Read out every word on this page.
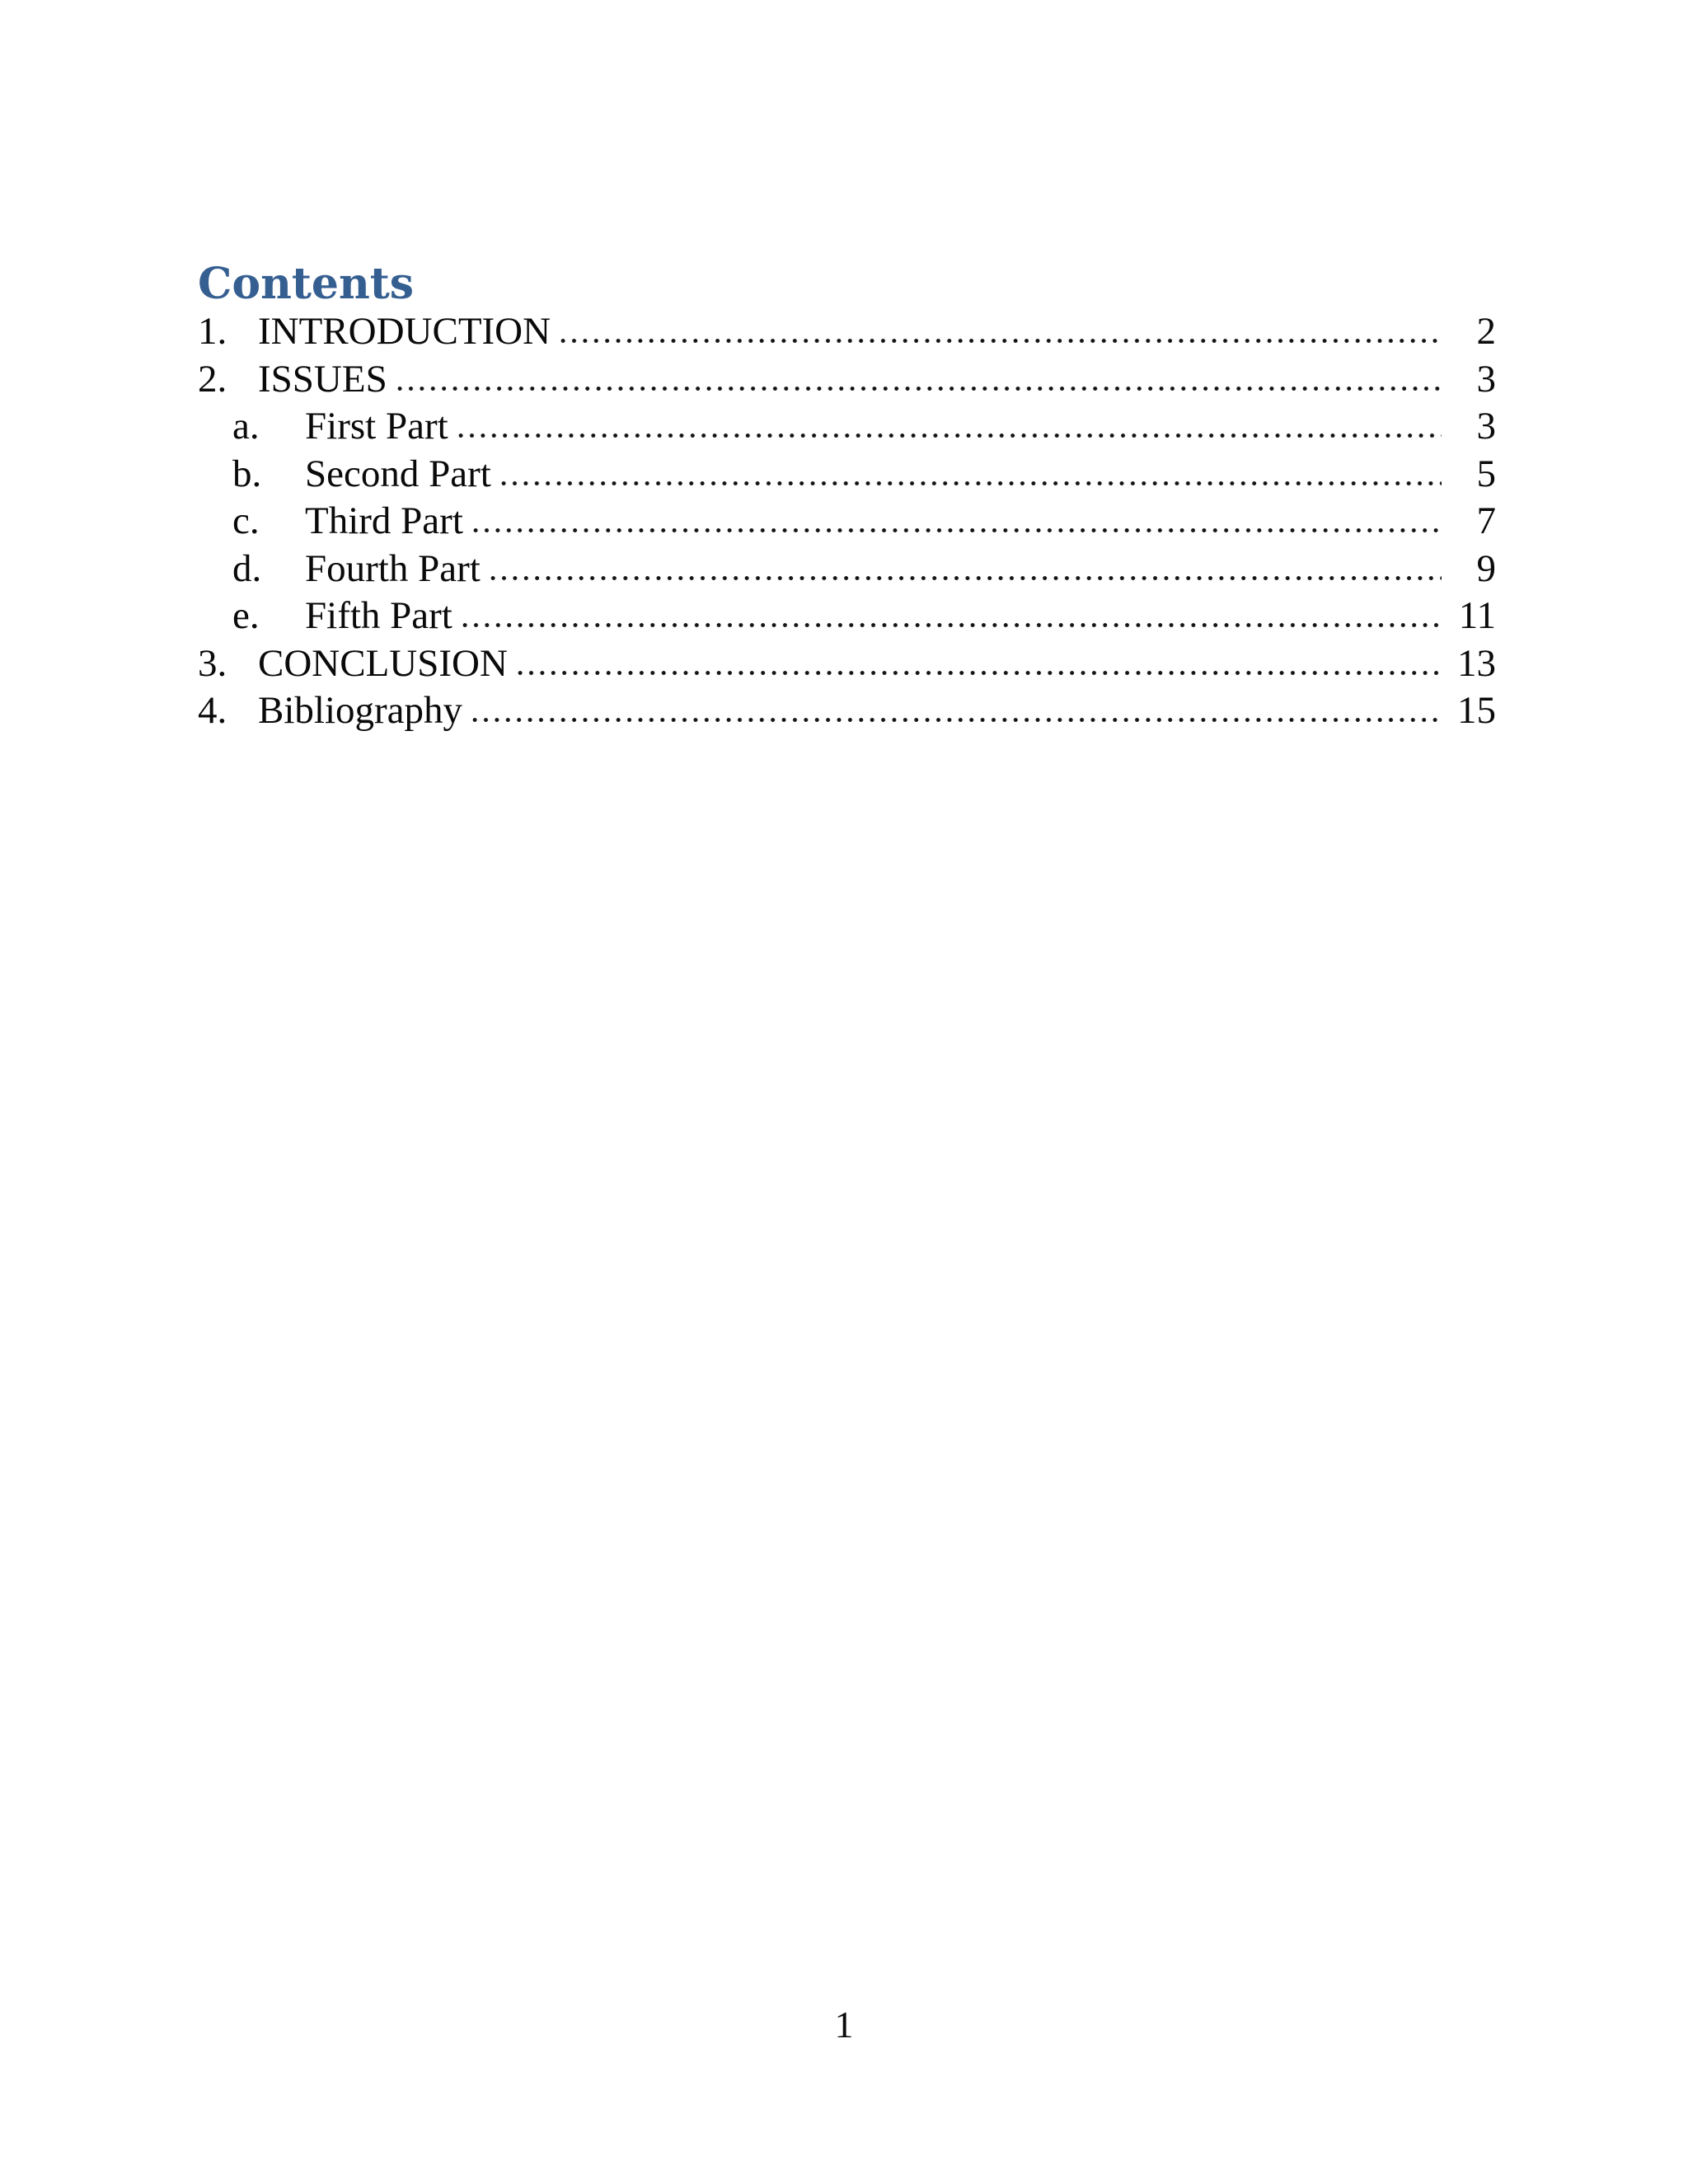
Contents
1. INTRODUCTION	2
2. ISSUES	3
a.	First Part	3
b.	Second Part	5
c.	Third Part	7
d.	Fourth Part	9
e.	Fifth Part	11
3. CONCLUSION	13
4. Bibliography	15
1
